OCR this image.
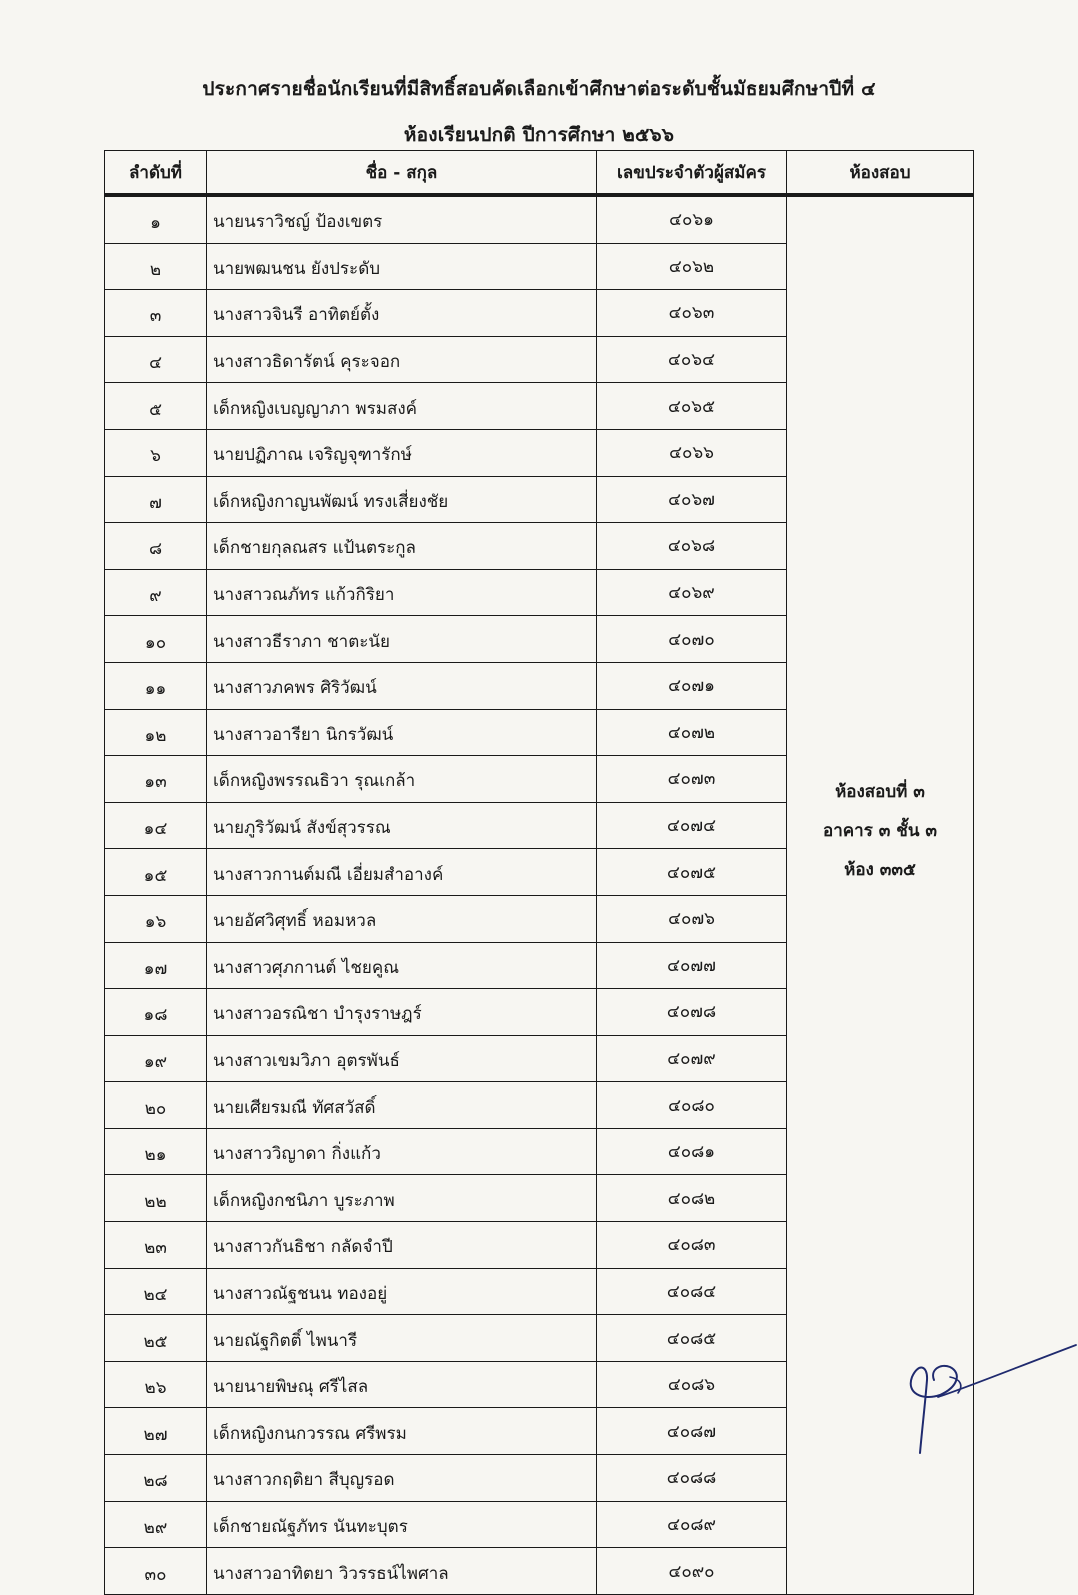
ประกาศรายชื่อนักเรียนที่มีสิทธิ์สอบคัดเลือกเข้าศึกษาต่อระดับชั้นมัธยมศึกษาปีที่ ๔
ห้องเรียนปกติ ปีการศึกษา ๒๕๖๖
ลำดับที่	ชื่อ - สกุล	เลขประจำตัวผู้สมัคร	ห้องสอบ
๑	นายนราวิชญ์ ป้องเขตร	๔๐๖๑	ห้องสอบที่ ๓
อาคาร ๓ ชั้น ๓
ห้อง ๓๓๕

๒	นายพฒนชน ยังประดับ	๔๐๖๒	
๓	นางสาวจินรี อาทิตย์ตั้ง	๔๐๖๓	
๔	นางสาวธิดารัตน์ คุระจอก	๔๐๖๔	
๕	เด็กหญิงเบญญาภา พรมสงค์	๔๐๖๕	
๖	นายปฏิภาณ เจริญจุฑารักษ์	๔๐๖๖	
๗	เด็กหญิงกาญนพัฒน์ ทรงเสี่ยงชัย	๔๐๖๗	
๘	เด็กชายกุลณสร แป้นตระกูล	๔๐๖๘	
๙	นางสาวณภัทร แก้วกิริยา	๔๐๖๙	
๑๐	นางสาวธีราภา ชาตะนัย	๔๐๗๐	
๑๑	นางสาวภคพร ศิริวัฒน์	๔๐๗๑	
๑๒	นางสาวอารียา นิกรวัฒน์	๔๐๗๒	
๑๓	เด็กหญิงพรรณธิวา รุณเกล้า	๔๐๗๓	
๑๔	นายภูริวัฒน์ สังข์สุวรรณ	๔๐๗๔	
๑๕	นางสาวกานต์มณี เอี่ยมสำอางค์	๔๐๗๕	
๑๖	นายอัศวิศุทธิ์ หอมหวล	๔๐๗๖	
๑๗	นางสาวศุภกานต์ ไชยคูณ	๔๐๗๗	
๑๘	นางสาวอรณิชา บำรุงราษฎร์	๔๐๗๘	
๑๙	นางสาวเขมวิภา อุตรพันธ์	๔๐๗๙	
๒๐	นายเศียรมณี ทัศสวัสดิ์	๔๐๘๐	
๒๑	นางสาววิญาดา กิ่งแก้ว	๔๐๘๑	
๒๒	เด็กหญิงกชนิภา บูระภาพ	๔๐๘๒	
๒๓	นางสาวกันธิชา กลัดจำปี	๔๐๘๓	
๒๔	นางสาวณัฐชนน ทองอยู่	๔๐๘๔	
๒๕	นายณัฐกิตติ์ ไพนารี	๔๐๘๕	
๒๖	นายนายพิษณุ ศรีไสล	๔๐๘๖	
๒๗	เด็กหญิงกนกวรรณ ศรีพรม	๔๐๘๗	
๒๘	นางสาวกฤติยา สีบุญรอด	๔๐๘๘	
๒๙	เด็กชายณัฐภัทร นันทะบุตร	๔๐๘๙	
๓๐	นางสาวอาทิตยา วิวรรธน์ไพศาล	๔๐๙๐	
